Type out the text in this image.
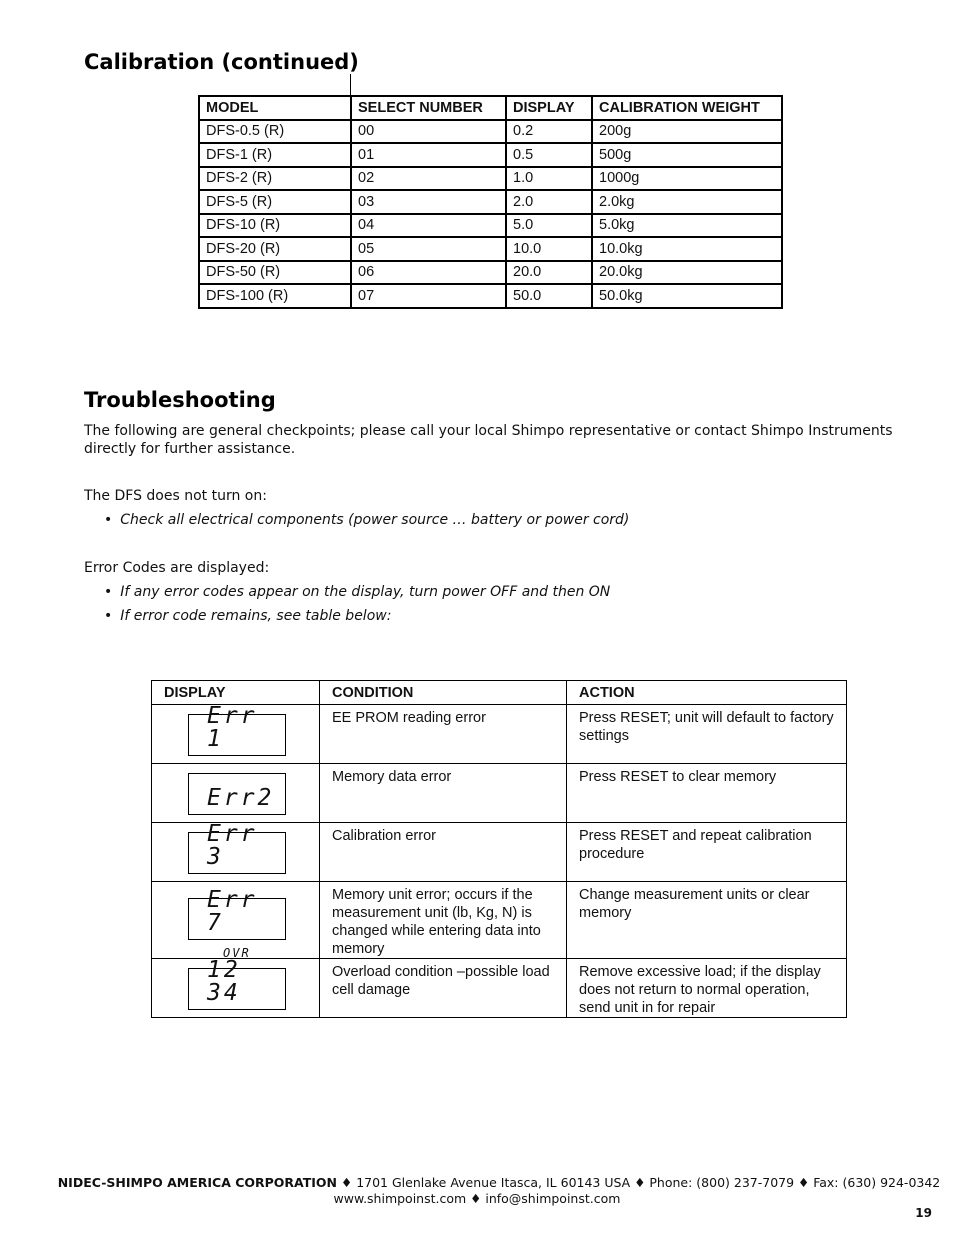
Calibration (continued)
MODEL	SELECT NUMBER	DISPLAY	CALIBRATION WEIGHT
DFS-0.5 (R)	00	0.2	200g
DFS-1 (R)	01	0.5	500g
DFS-2 (R)	02	1.0	1000g
DFS-5 (R)	03	2.0	2.0kg
DFS-10 (R)	04	5.0	5.0kg
DFS-20 (R)	05	10.0	10.0kg
DFS-50 (R)	06	20.0	20.0kg
DFS-100 (R)	07	50.0	50.0kg
Troubleshooting

The following are general checkpoints; please call your local Shimpo representative or contact Shimpo Instruments directly for further assistance.

The DFS does not turn on:

• Check all electrical components (power source … battery or power cord)

Error Codes are displayed:

• If any error codes appear on the display, turn power OFF and then ON
• If error code remains, see table below:
DISPLAY	CONDITION	ACTION

Err 1	EE PROM reading error	Press RESET; unit will default to factory settings

Err2	Memory data error	Press RESET to clear memory

Err 3	Calibration error	Press RESET and repeat calibration procedure

Err 7	Memory unit error; occurs if the measurement unit (lb, Kg, N) is changed while entering data into memory	Change measurement units or clear memory

OVR
12 34	Overload condition –possible load cell damage	Remove excessive load; if the display does not return to normal operation, send unit in for repair
NIDEC-SHIMPO AMERICA CORPORATION ♦ 1701 Glenlake Avenue Itasca, IL 60143 USA ♦ Phone: (800) 237-7079 ♦ Fax: (630) 924-0342
www.shimpoinst.com ♦ info@shimpoinst.com
19
